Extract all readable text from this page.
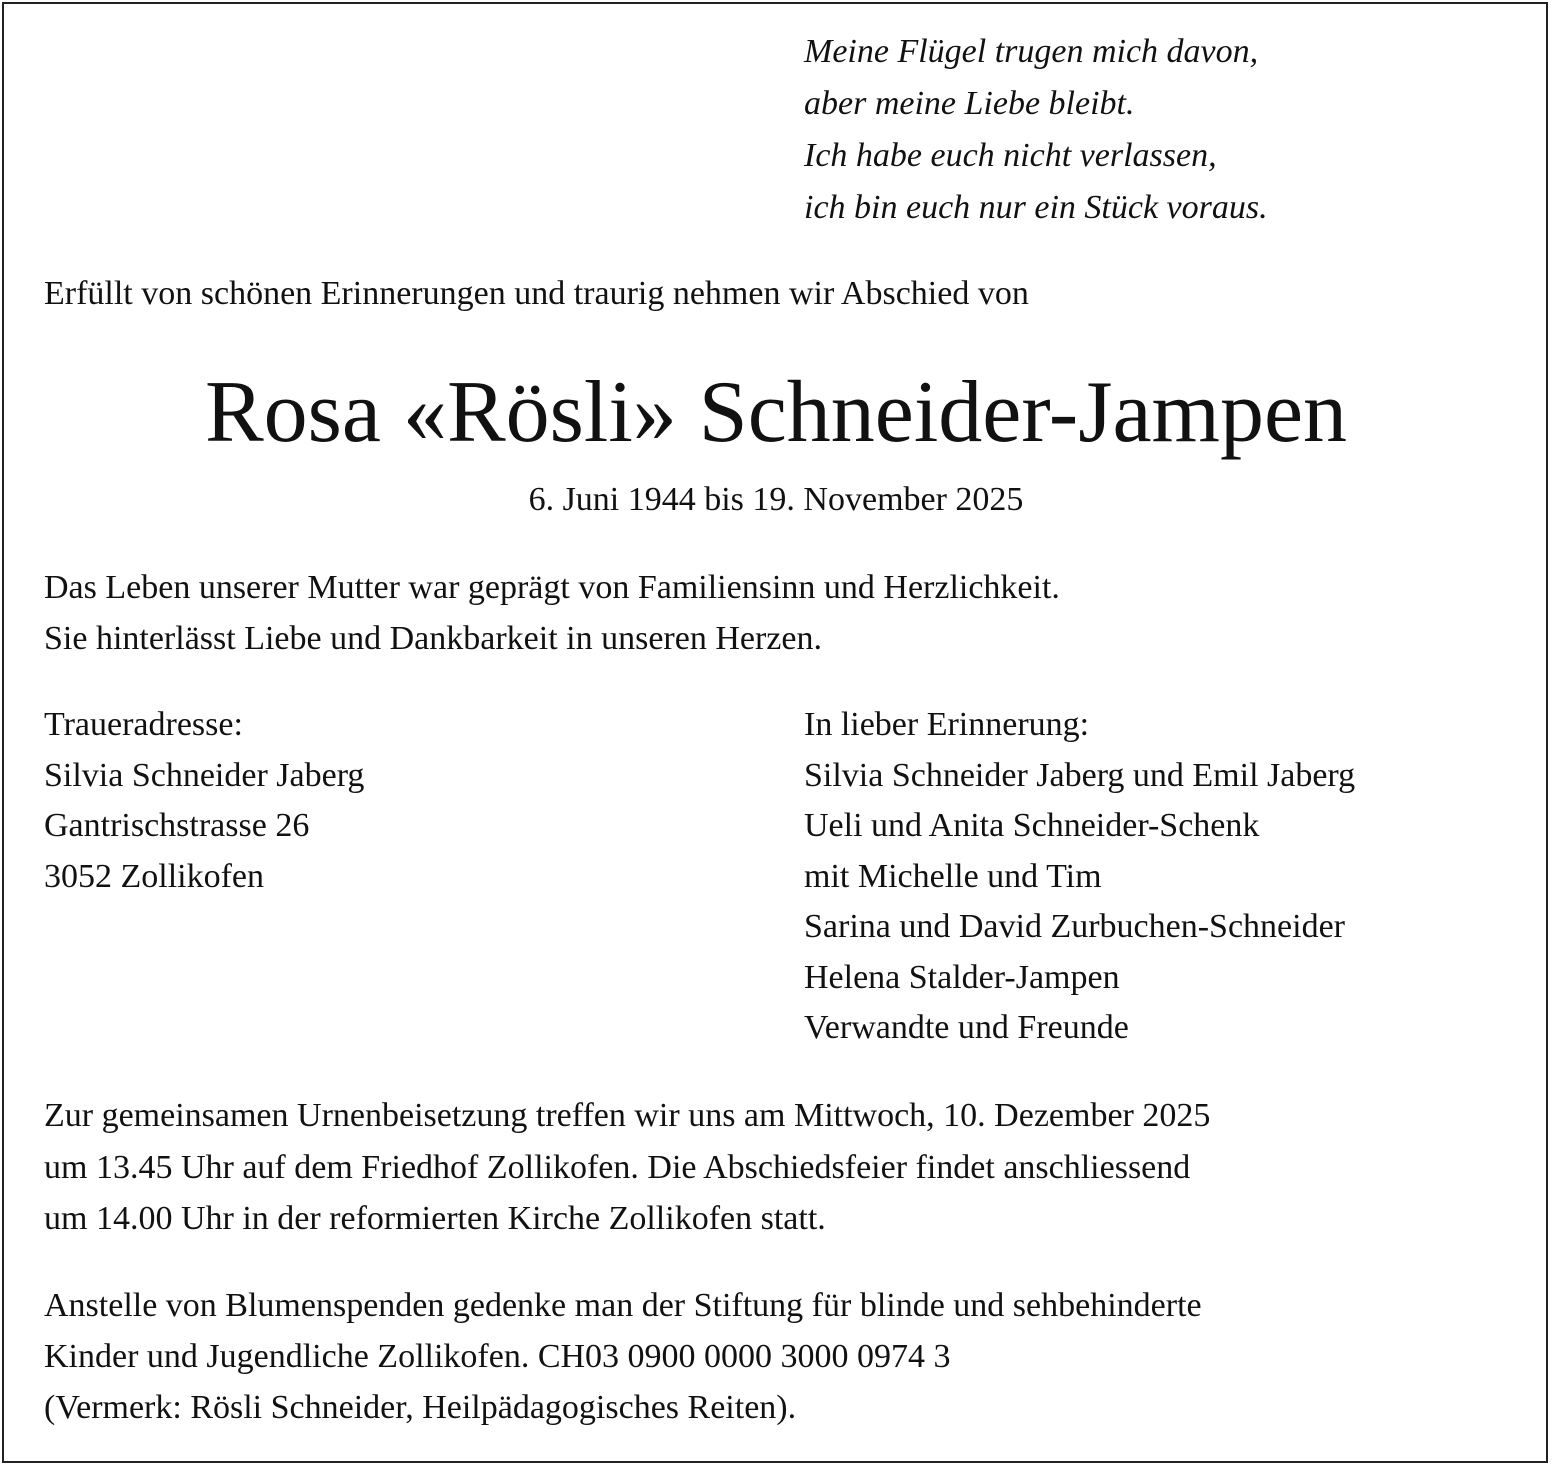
Meine Flügel trugen mich davon,
aber meine Liebe bleibt.
Ich habe euch nicht verlassen,
ich bin euch nur ein Stück voraus.
Erfüllt von schönen Erinnerungen und traurig nehmen wir Abschied von
Rosa «Rösli» Schneider-Jampen
6. Juni 1944 bis 19. November 2025
Das Leben unserer Mutter war geprägt von Familiensinn und Herzlichkeit.
Sie hinterlässt Liebe und Dankbarkeit in unseren Herzen.
Traueradresse:
Silvia Schneider Jaberg
Gantrischstrasse 26
3052 Zollikofen
In lieber Erinnerung:
Silvia Schneider Jaberg und Emil Jaberg
Ueli und Anita Schneider-Schenk
mit Michelle und Tim
Sarina und David Zurbuchen-Schneider
Helena Stalder-Jampen
Verwandte und Freunde
Zur gemeinsamen Urnenbeisetzung treffen wir uns am Mittwoch, 10. Dezember 2025
um 13.45 Uhr auf dem Friedhof Zollikofen. Die Abschiedsfeier findet anschliessend
um 14.00 Uhr in der reformierten Kirche Zollikofen statt.
Anstelle von Blumenspenden gedenke man der Stiftung für blinde und sehbehinderte
Kinder und Jugendliche Zollikofen. CH03 0900 0000 3000 0974 3
(Vermerk: Rösli Schneider, Heilpädagogisches Reiten).
